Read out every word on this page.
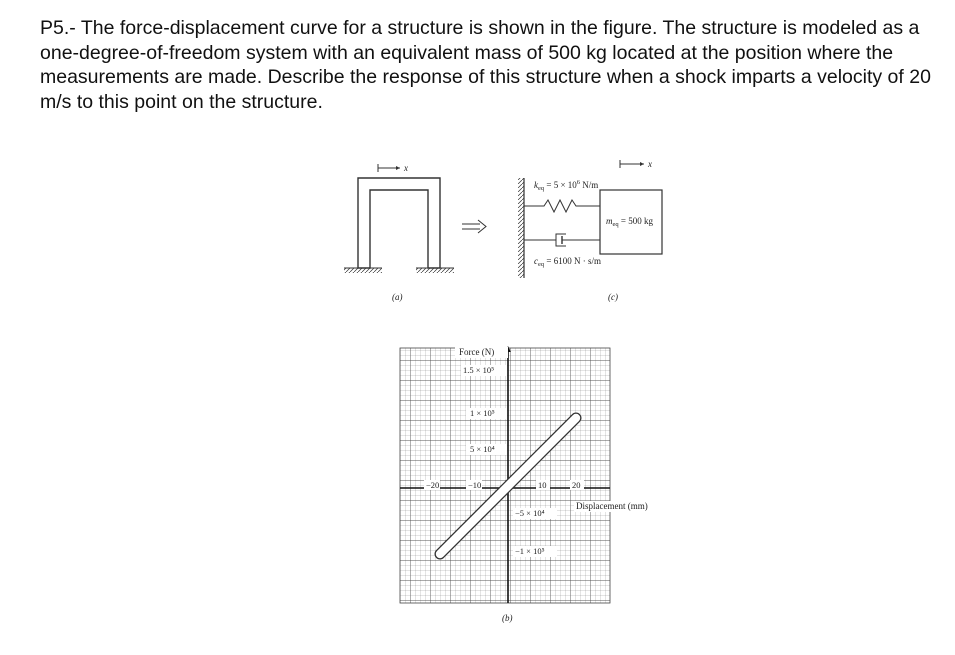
P5.- The force-displacement curve for a structure is shown in the figure. The structure is modeled as a one-degree-of-freedom system with an equivalent mass of 500 kg located at the position where the measurements are made. Describe the response of this structure when a shock imparts a velocity of 20 m/s to this point on the structure.

x
(a)
$k_{eq} = 5 \times 10^6$ N/m
$m_{eq} = 500$ kg
$c_{eq} = 6100$ N · s/m
x
(c)
Force (N)
Displacement (mm)
1.5 × 10⁵
1 × 10⁵
5 × 10⁴
−5 × 10⁴
−1 × 10⁵
−20	−10	10	20
(b)
